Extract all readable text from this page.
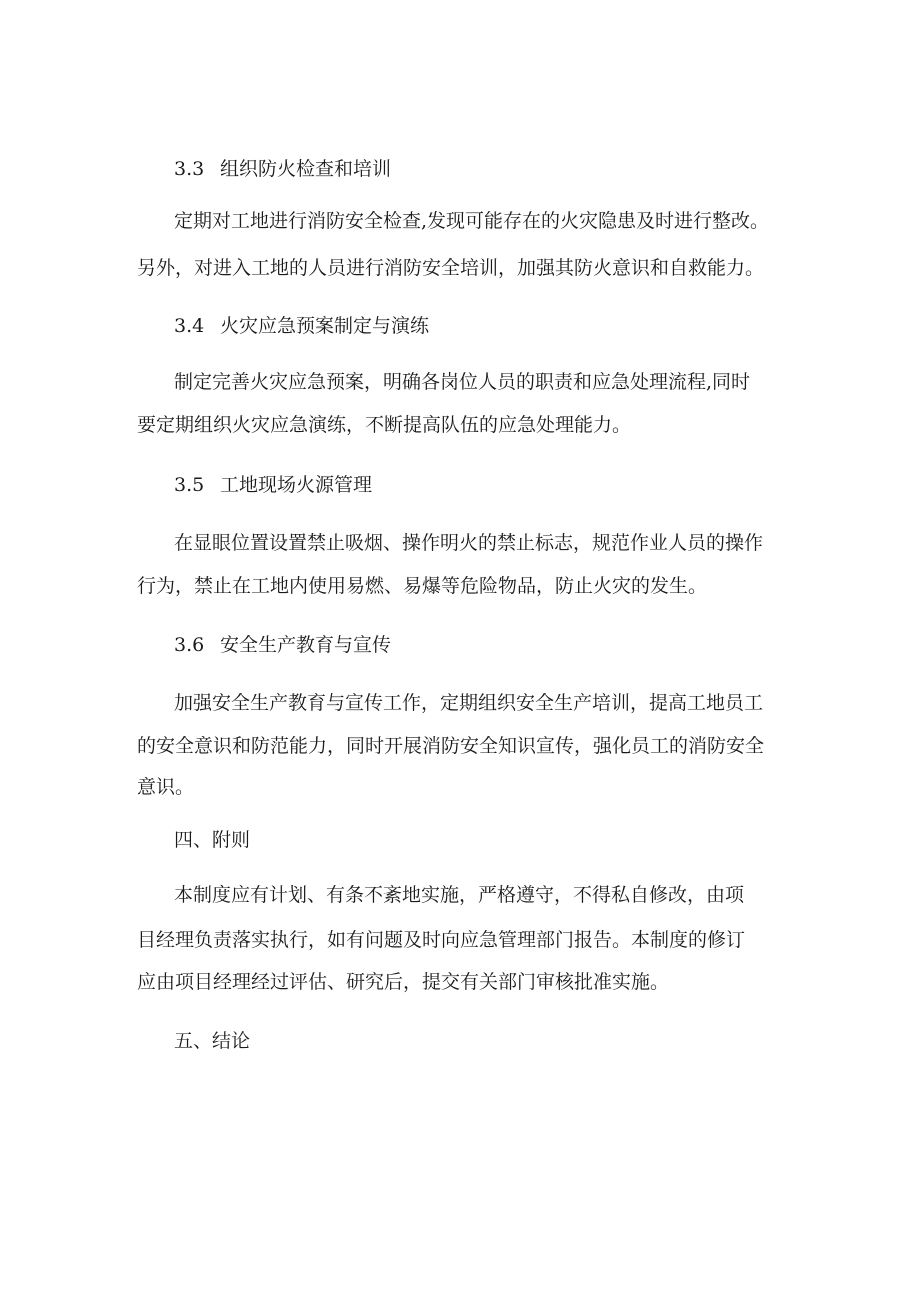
3.3 组织防火检查和培训
定期对工地进行消防安全检查,发现可能存在的火灾隐患及时进行整改。
另外，对进入工地的人员进行消防安全培训，加强其防火意识和自救能力。
3.4 火灾应急预案制定与演练
制定完善火灾应急预案，明确各岗位人员的职责和应急处理流程,同时
要定期组织火灾应急演练，不断提高队伍的应急处理能力。
3.5 工地现场火源管理
在显眼位置设置禁止吸烟、操作明火的禁止标志，规范作业人员的操作
行为，禁止在工地内使用易燃、易爆等危险物品，防止火灾的发生。
3.6 安全生产教育与宣传
加强安全生产教育与宣传工作，定期组织安全生产培训，提高工地员工
的安全意识和防范能力，同时开展消防安全知识宣传，强化员工的消防安全
意识。
四、附则
本制度应有计划、有条不紊地实施，严格遵守，不得私自修改，由项
目经理负责落实执行，如有问题及时向应急管理部门报告。本制度的修订
应由项目经理经过评估、研究后，提交有关部门审核批准实施。
五、结论
